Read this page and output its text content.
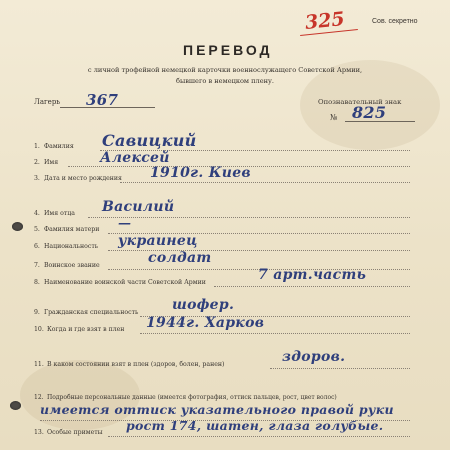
325	Сов. секретно
ПЕРЕВОД
с личной трофейной немецкой карточки военнослужащего Советской Армии,
бывшего в немецком плену.
Лагерь 367	Опознавательный знак
№ 825
1. Фамилия Савицкий
2. Имя	Алексей
3. Дата и место рождения 1910г. Киев
4. Имя отца Василий
5. Фамилия матери —
6. Национальность украинец
7. Воинское звание	солдат
8. Наименование воинской части Советской Армии	7 арт.часть
9. Гражданская специальность шофер.
10. Когда и где взят в плен 1944г. Харков
11. В каком состоянии взят в плен (здоров, болен, ранен)	здоров.
12. Подробные персональные данные (имеется фотография, оттиск пальцев, рост, цвет волос)
имеется оттиск указательного правой руки
13. Особые приметы рост 174, шатен, глаза голубые.
